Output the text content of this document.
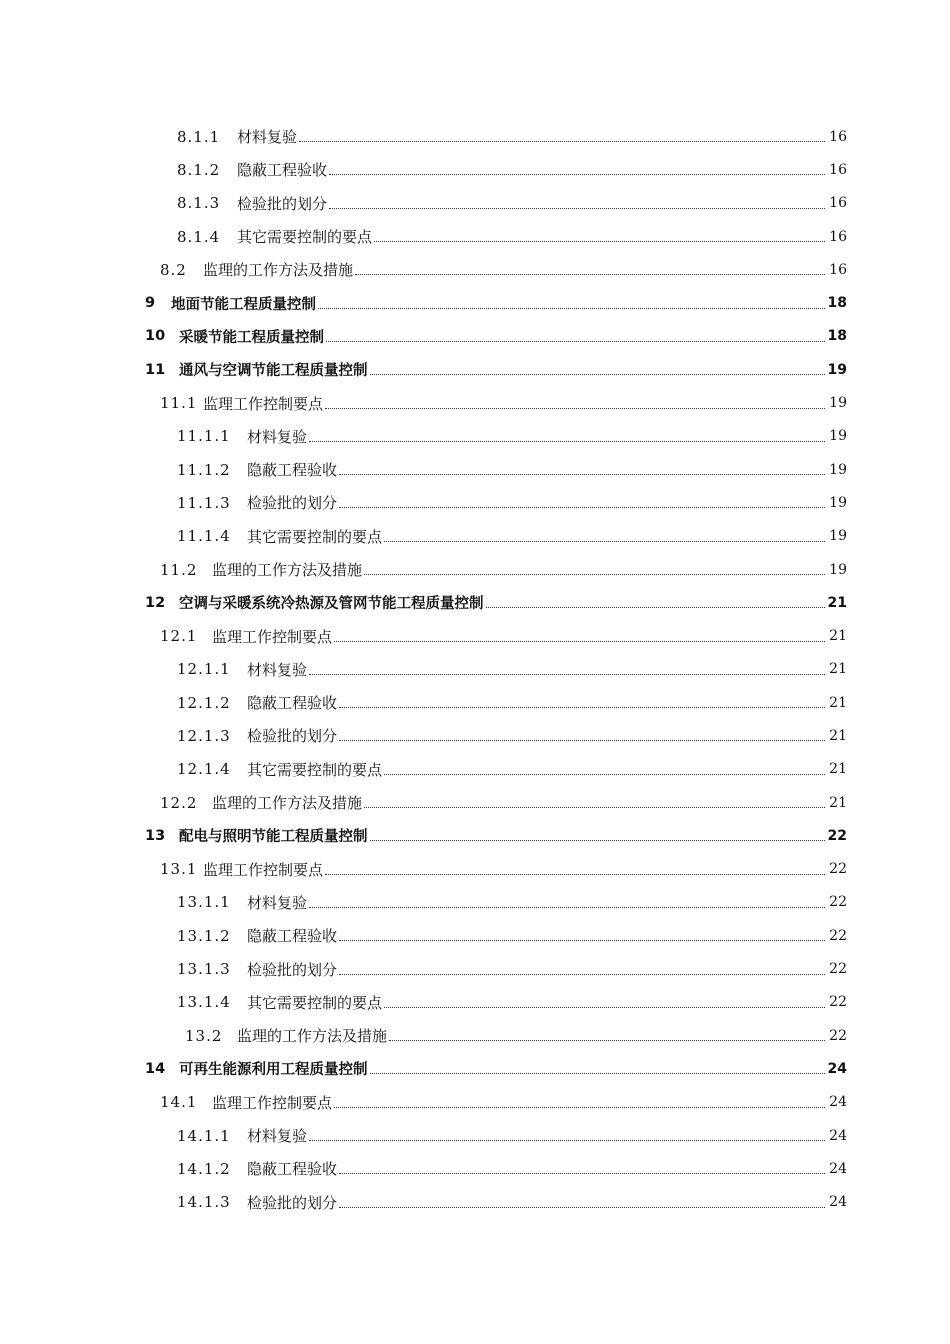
8.1.1	材料复验	16
8.1.2	隐蔽工程验收	16
8.1.3	检验批的划分	16
8.1.4	其它需要控制的要点	16
8.2	监理的工作方法及措施	16
9	地面节能工程质量控制	18
10 采暖节能工程质量控制	18
11 通风与空调节能工程质量控制	19
11.1 监理工作控制要点	19
11.1.1	材料复验	19
11.1.2	隐蔽工程验收	19
11.1.3	检验批的划分	19
11.1.4	其它需要控制的要点	19
11.2 监理的工作方法及措施	19
12 空调与采暖系统冷热源及管网节能工程质量控制	21
12.1 监理工作控制要点	21
12.1.1	材料复验	21
12.1.2	隐蔽工程验收	21
12.1.3	检验批的划分	21
12.1.4	其它需要控制的要点	21
12.2 监理的工作方法及措施	21
13 配电与照明节能工程质量控制	22
13.1 监理工作控制要点	22
13.1.1	材料复验	22
13.1.2	隐蔽工程验收	22
13.1.3	检验批的划分	22
13.1.4	其它需要控制的要点	22
13.2 监理的工作方法及措施	22
14 可再生能源利用工程质量控制	24
14.1 监理工作控制要点	24
14.1.1	材料复验	24
14.1.2	隐蔽工程验收	24
14.1.3	检验批的划分	24
